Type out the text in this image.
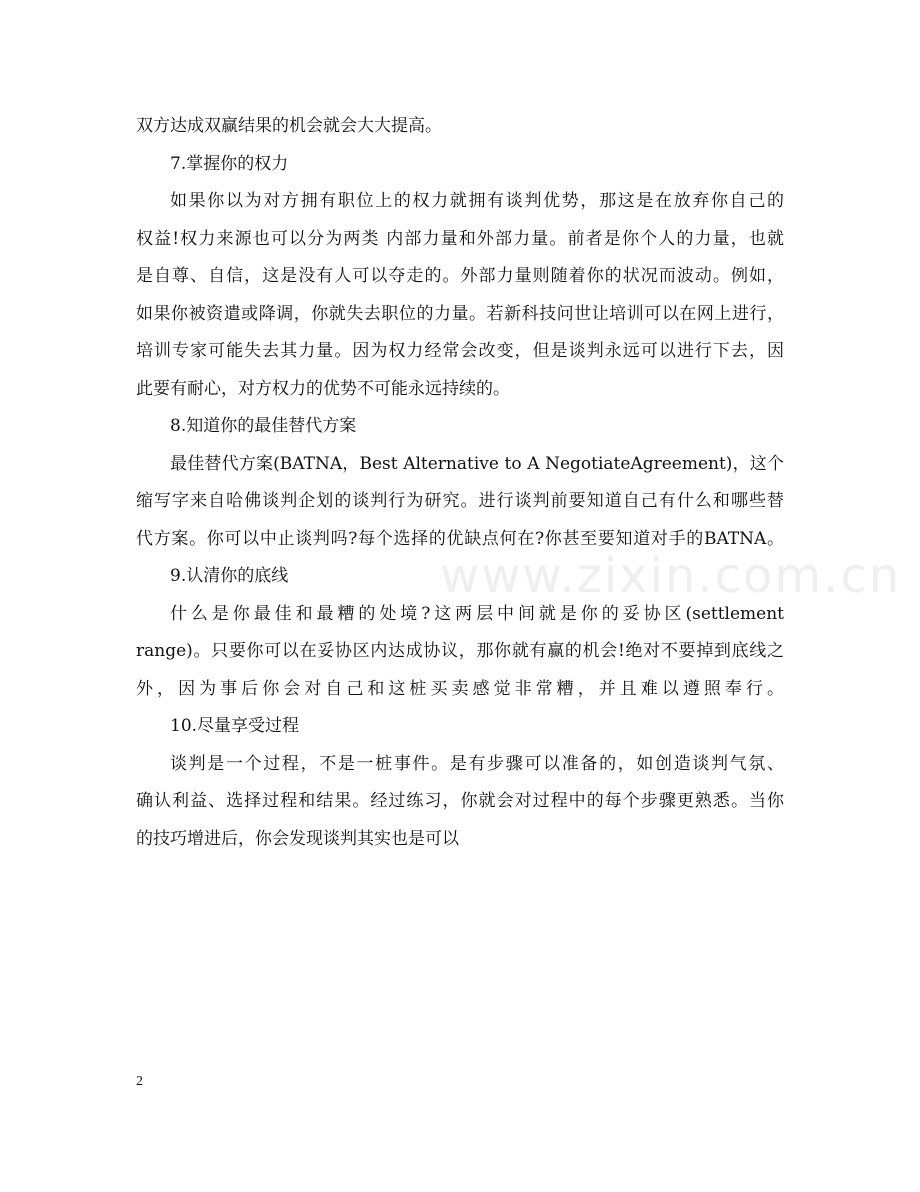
www.zixin.com.cn
双方达成双赢结果的机会就会大大提高。
7.掌握你的权力
如果你以为对方拥有职位上的权力就拥有谈判优势，那这是在放弃你自己的
权益!权力来源也可以分为两类 内部力量和外部力量。前者是你个人的力量，也就
是自尊、自信，这是没有人可以夺走的。外部力量则随着你的状况而波动。例如，
如果你被资遣或降调，你就失去职位的力量。若新科技问世让培训可以在网上进行，
培训专家可能失去其力量。因为权力经常会改变，但是谈判永远可以进行下去，因
此要有耐心，对方权力的优势不可能永远持续的。
8.知道你的最佳替代方案
最佳替代方案(BATNA，Best Alternative to A NegotiateAgreement)，这个
缩写字来自哈佛谈判企划的谈判行为研究。进行谈判前要知道自己有什么和哪些替
代方案。你可以中止谈判吗?每个选择的优缺点何在?你甚至要知道对手的BATNA。
9.认清你的底线
什么是你最佳和最糟的处境?这两层中间就是你的妥协区(settlement
range)。只要你可以在妥协区内达成协议，那你就有赢的机会!绝对不要掉到底线之
外，因为事后你会对自己和这桩买卖感觉非常糟，并且难以遵照奉行。
10.尽量享受过程
谈判是一个过程，不是一桩事件。是有步骤可以准备的，如创造谈判气氛、
确认利益、选择过程和结果。经过练习，你就会对过程中的每个步骤更熟悉。当你
的技巧增进后，你会发现谈判其实也是可以
2
